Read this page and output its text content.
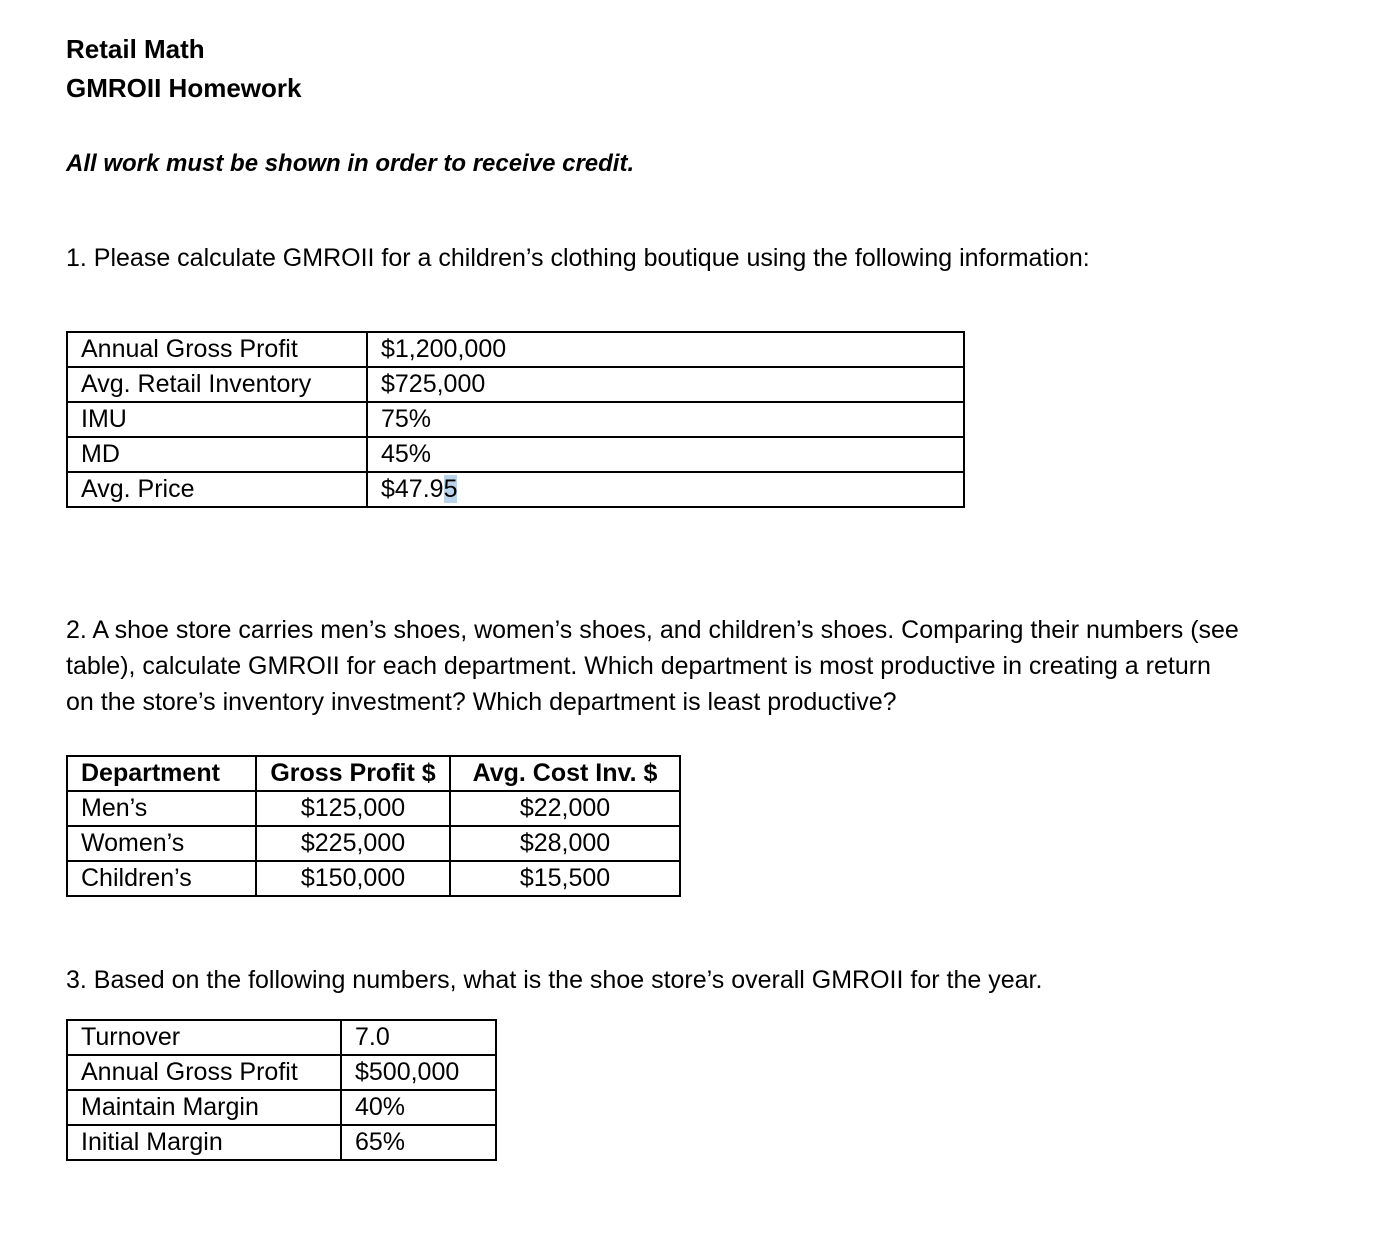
Retail Math
GMROII Homework
All work must be shown in order to receive credit.
1. Please calculate GMROII for a children’s clothing boutique using the following information:
Annual Gross Profit	$1,200,000
Avg. Retail Inventory	$725,000
IMU	75%
MD	45%
Avg. Price	$47.95
2. A shoe store carries men’s shoes, women’s shoes, and children’s shoes. Comparing their numbers (see
table), calculate GMROII for each department. Which department is most productive in creating a return
on the store’s inventory investment? Which department is least productive?
Department	Gross Profit $	Avg. Cost Inv. $
Men’s	$125,000	$22,000
Women’s	$225,000	$28,000
Children’s	$150,000	$15,500
3. Based on the following numbers, what is the shoe store’s overall GMROII for the year.
Turnover	7.0
Annual Gross Profit	$500,000
Maintain Margin	40%
Initial Margin	65%
